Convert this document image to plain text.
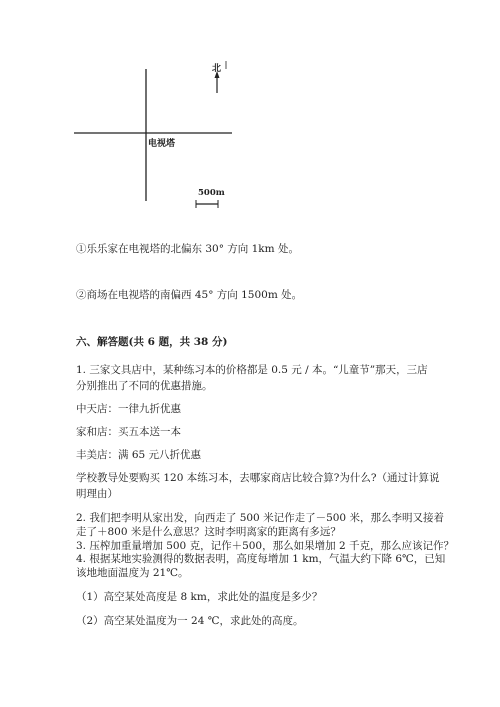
北
电视塔
500m
①乐乐家在电视塔的北偏东 30° 方向 1km 处。
②商场在电视塔的南偏西 45° 方向 1500m 处。
六、解答题(共 6 题，共 38 分)
1. 三家文具店中，某种练习本的价格都是 0.5 元 / 本。“儿童节”那天，三店
分别推出了不同的优惠措施。
中天店：一律九折优惠
家和店：买五本送一本
丰美店：满 65 元八折优惠
学校教导处要购买 120 本练习本，去哪家商店比较合算?为什么?（通过计算说
明理由）
2. 我们把李明从家出发，向西走了 500 米记作走了－500 米，那么李明又接着
走了＋800 米是什么意思？这时李明离家的距离有多远？
3. 压榨加重量增加 500 克，记作＋500，那么如果增加 2 千克，那么应该记作？
4. 根据某地实验测得的数据表明，高度每增加 1 km，气温大约下降 6℃，已知
该地地面温度为 21℃。
（1）高空某处高度是 8 km，求此处的温度是多少？
（2）高空某处温度为一 24 ℃，求此处的高度。
